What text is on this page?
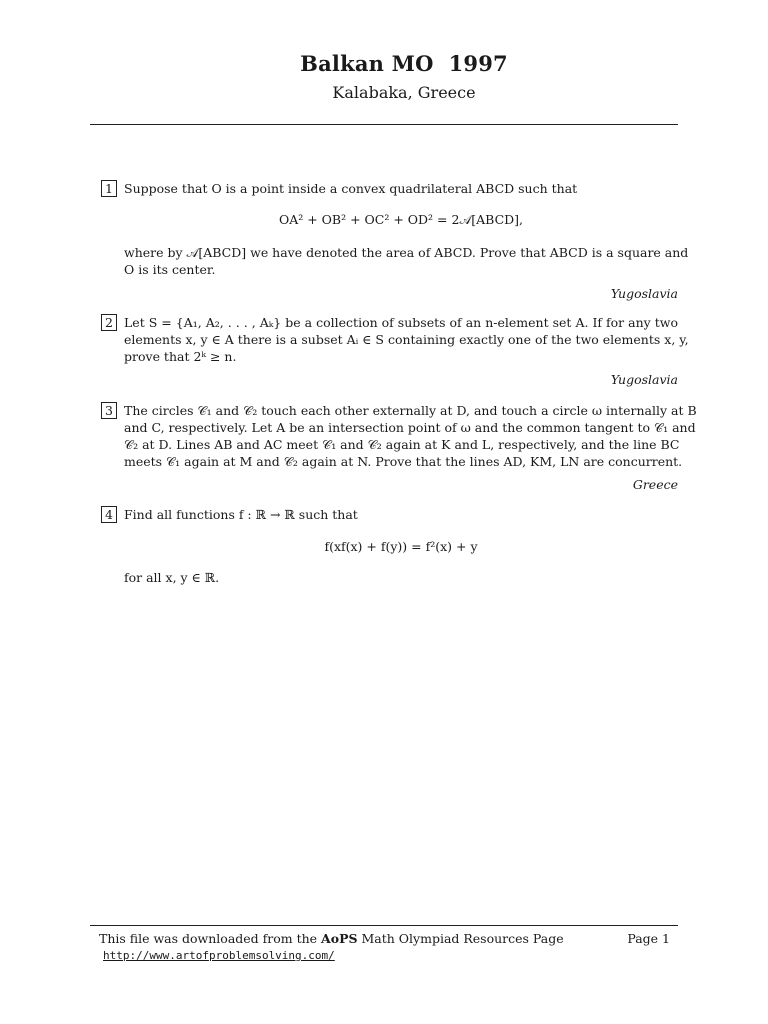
Balkan MO  1997
Kalabaka, Greece
1 Suppose that O is a point inside a convex quadrilateral ABCD such that
OA² + OB² + OC² + OD² = 2𝒜[ABCD],
where by 𝒜[ABCD] we have denoted the area of ABCD. Prove that ABCD is a square and
O is its center.
Yugoslavia
2 Let S = {A₁, A₂, . . . , Aₖ} be a collection of subsets of an n-element set A. If for any two
elements x, y ∈ A there is a subset Aᵢ ∈ S containing exactly one of the two elements x, y,
prove that 2ᵏ ≥ n.
Yugoslavia
3 The circles 𝒞₁ and 𝒞₂ touch each other externally at D, and touch a circle ω internally at B
and C, respectively. Let A be an intersection point of ω and the common tangent to 𝒞₁ and
𝒞₂ at D. Lines AB and AC meet 𝒞₁ and 𝒞₂ again at K and L, respectively, and the line BC
meets 𝒞₁ again at M and 𝒞₂ again at N. Prove that the lines AD, KM, LN are concurrent.
Greece
4 Find all functions f : ℝ → ℝ such that
f(xf(x) + f(y)) = f²(x) + y
for all x, y ∈ ℝ.
This file was downloaded from the AoPS Math Olympiad Resources Page
http://www.artofproblemsolving.com/
Page 1
